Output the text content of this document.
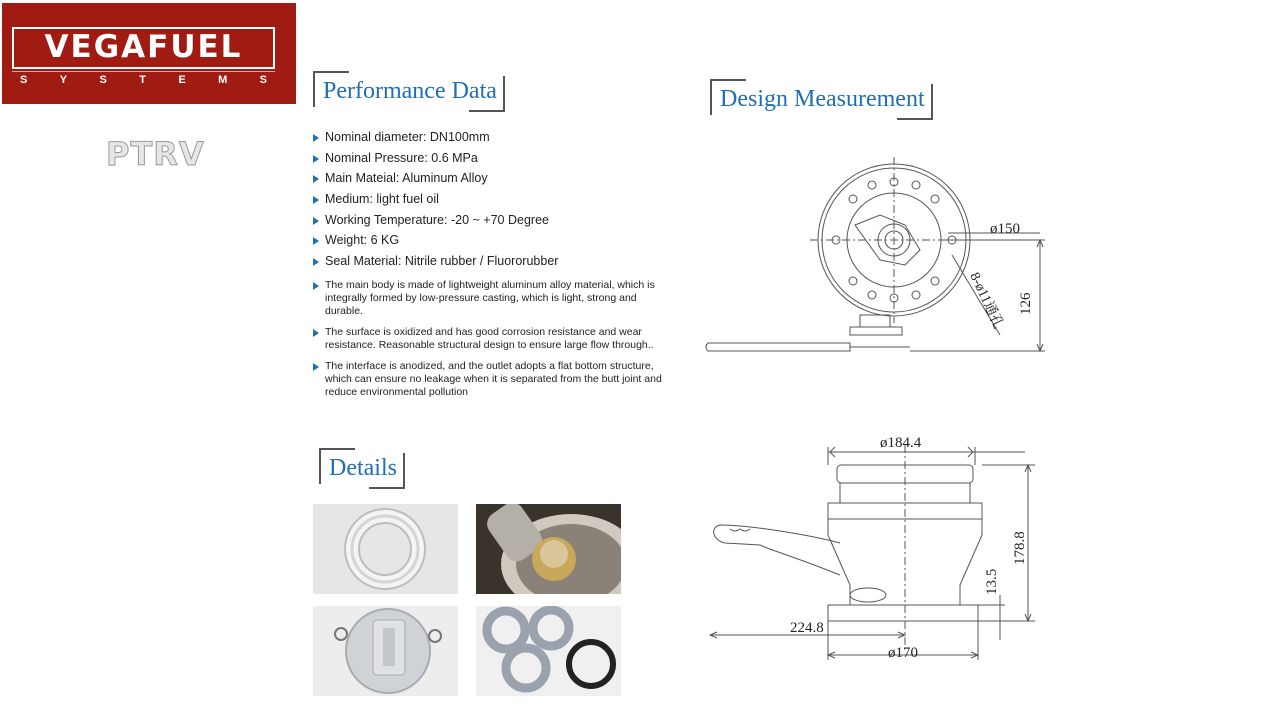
VEGAFUEL
S	Y	S	T	E	M	S
PTRV
Performance Data
Nominal diameter: DN100mm
Nominal Pressure: 0.6 MPa
Main Mateial: Aluminum Alloy
Medium: light fuel oil
Working Temperature: -20 ~ +70 Degree
Weight: 6 KG
Seal Material: Nitrile rubber / Fluororubber
The main body is made of lightweight aluminum alloy material, which is integrally formed by low-pressure casting, which is light, strong and durable.
The surface is oxidized and has good corrosion resistance and wear resistance. Reasonable structural design to ensure large flow through..
The interface is anodized, and the outlet adopts a flat bottom structure, which can ensure no leakage when it is separated from the butt joint and reduce environmental pollution
Details
Design Measurement
ø150
126
8-ø11通孔
ø184.4
178.8
13.5
224.8
ø170
